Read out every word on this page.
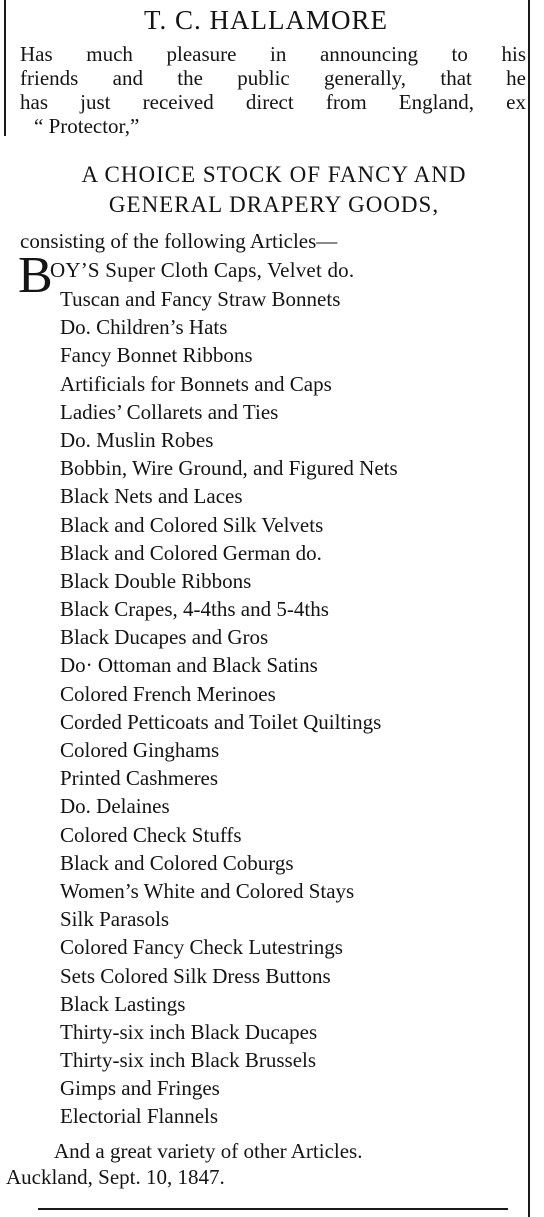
T. C. HALLAMORE
Has much pleasure in announcing to his
friends and the public generally, that he
has just received direct from England, ex
“ Protector,”
A CHOICE STOCK OF FANCY AND
GENERAL DRAPERY GOODS,
consisting of the following Articles—
B
OY’S Super Cloth Caps, Velvet do.
Tuscan and Fancy Straw Bonnets
Do. Children’s Hats
Fancy Bonnet Ribbons
Artificials for Bonnets and Caps
Ladies’ Collarets and Ties
Do. Muslin Robes
Bobbin, Wire Ground, and Figured Nets
Black Nets and Laces
Black and Colored Silk Velvets
Black and Colored German do.
Black Double Ribbons
Black Crapes, 4-4ths and 5-4ths
Black Ducapes and Gros
Do· Ottoman and Black Satins
Colored French Merinoes
Corded Petticoats and Toilet Quiltings
Colored Ginghams
Printed Cashmeres
Do. Delaines
Colored Check Stuffs
Black and Colored Coburgs
Women’s White and Colored Stays
Silk Parasols
Colored Fancy Check Lutestrings
Sets Colored Silk Dress Buttons
Black Lastings
Thirty-six inch Black Ducapes
Thirty-six inch Black Brussels
Gimps and Fringes
Electorial Flannels
And a great variety of other Articles.
Auckland, Sept. 10, 1847.
